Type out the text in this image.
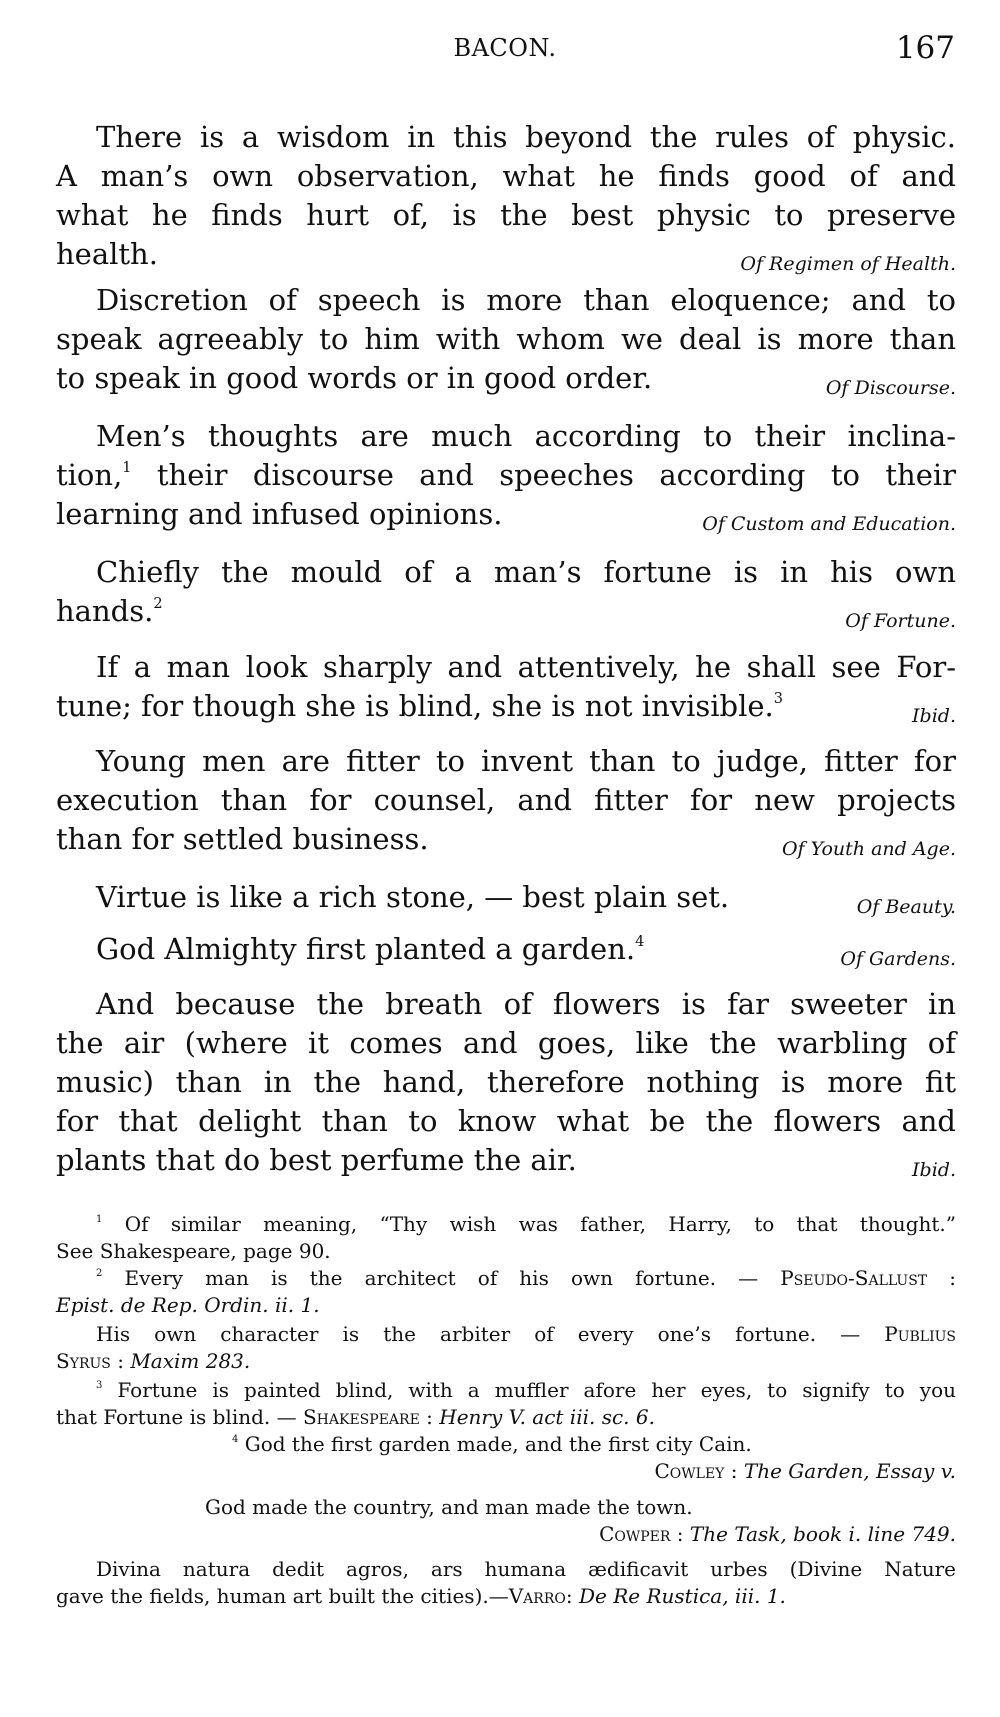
BACON.	167
There is a wisdom in this beyond the rules of physic.
A man’s own observation, what he finds good of and
what he finds hurt of, is the best physic to preserve
health.	Of Regimen of Health.
Discretion of speech is more than eloquence; and to
speak agreeably to him with whom we deal is more than
to speak in good words or in good order.	Of Discourse.
Men’s thoughts are much according to their inclina-
tion,$^1$ their discourse and speeches according to their
learning and infused opinions.	Of Custom and Education.
Chiefly the mould of a man’s fortune is in his own
hands.$^2$
Of Fortune.
If a man look sharply and attentively, he shall see For-
tune; for though she is blind, she is not invisible.$^3$
Ibid.
Young men are fitter to invent than to judge, fitter for
execution than for counsel, and fitter for new projects
than for settled business.	Of Youth and Age.
Virtue is like a rich stone, — best plain set.	Of Beauty.
God Almighty first planted a garden.$^4$
Of Gardens.
And because the breath of flowers is far sweeter in
the air (where it comes and goes, like the warbling of
music) than in the hand, therefore nothing is more fit
for that delight than to know what be the flowers and
plants that do best perfume the air.	Ibid.
$^1$ Of similar meaning, “Thy wish was father, Harry, to that thought.”
See Shakespeare, page 90.
$^2$ Every man is the architect of his own fortune. — Pseudo-Sallust :
Epist. de Rep. Ordin. ii. 1.
His own character is the arbiter of every one’s fortune. — Publius
Syrus : Maxim 283.
$^3$ Fortune is painted blind, with a muffler afore her eyes, to signify to you
that Fortune is blind. — Shakespeare : Henry V. act iii. sc. 6.
$^4$ God the first garden made, and the first city Cain.
Cowley : The Garden, Essay v.
God made the country, and man made the town.
Cowper : The Task, book i. line 749.
Divina natura dedit agros, ars humana ædificavit urbes (Divine Nature
gave the fields, human art built the cities).—Varro: De Re Rustica, iii. 1.
